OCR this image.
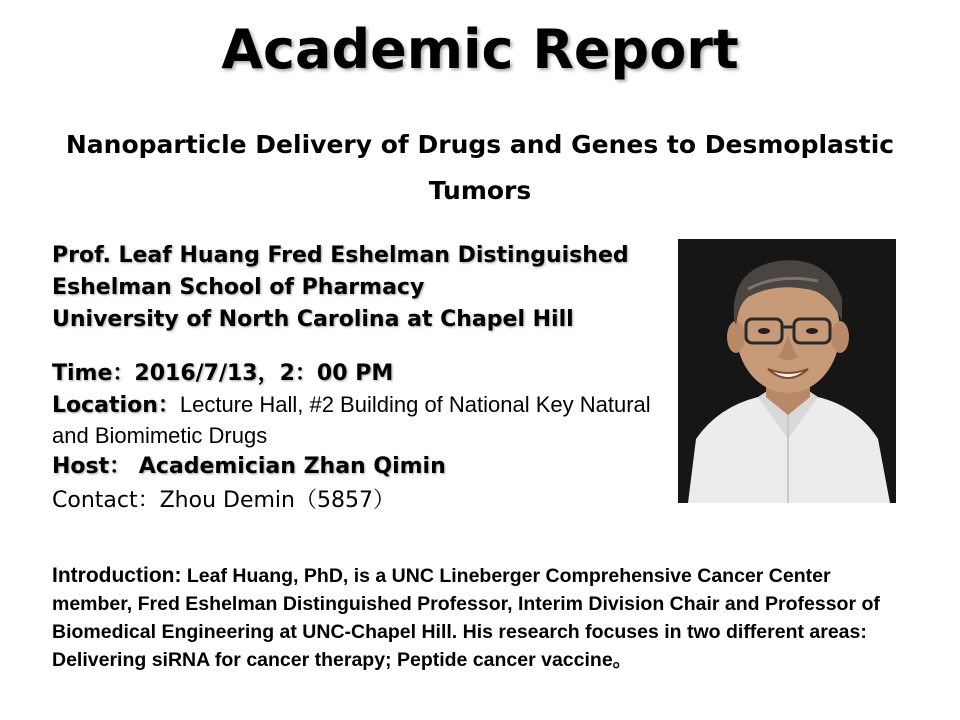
Academic Report
Nanoparticle Delivery of Drugs and Genes to Desmoplastic Tumors
Prof. Leaf Huang Fred Eshelman Distinguished
Eshelman School of Pharmacy
University of North Carolina at Chapel Hill
Time：2016/7/13，2：00 PM
Location：Lecture Hall, #2 Building of National Key Natural and Biomimetic Drugs
Host： Academician Zhan Qimin
Contact：Zhou Demin（5857）
Introduction: Leaf Huang, PhD, is a UNC Lineberger Comprehensive Cancer Center member, Fred Eshelman Distinguished Professor, Interim Division Chair and Professor of Biomedical Engineering at UNC-Chapel Hill. His research focuses in two different areas: Delivering siRNA for cancer therapy; Peptide cancer vaccine。
